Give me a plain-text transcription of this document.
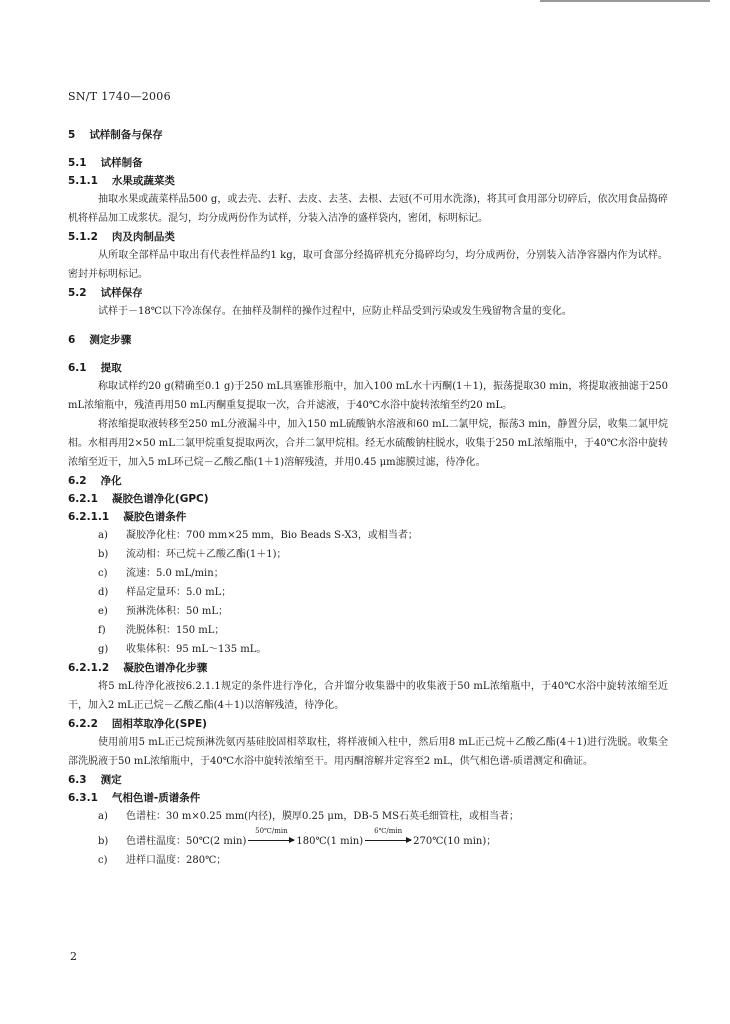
SN/T 1740—2006
5 试样制备与保存
5.1 试样制备
5.1.1 水果或蔬菜类

抽取水果或蔬菜样品500 g，或去壳、去籽、去皮、去茎、去根、去冠(不可用水洗涤)，将其可食用部分切碎后，依次用食品捣碎机将样品加工成浆状。混匀，均分成两份作为试样，分装入洁净的盛样袋内，密闭，标明标记。

5.1.2 肉及肉制品类

从所取全部样品中取出有代表性样品约1 kg，取可食部分经捣碎机充分捣碎均匀，均分成两份，分别装入洁净容器内作为试样。密封并标明标记。

5.2 试样保存

试样于－18℃以下冷冻保存。在抽样及制样的操作过程中，应防止样品受到污染或发生残留物含量的变化。

6 测定步骤
6.1 提取

称取试样约20 g(精确至0.1 g)于250 mL具塞锥形瓶中，加入100 mL水十丙酮(1＋1)，振荡提取30 min，将提取液抽滤于250 mL浓缩瓶中，残渣再用50 mL丙酮重复提取一次，合并滤液，于40℃水浴中旋转浓缩至约20 mL。

将浓缩提取液转移至250 mL分液漏斗中，加入150 mL硫酸钠水溶液和60 mL二氯甲烷，振荡3 min，静置分层，收集二氯甲烷相。水相再用2×50 mL二氯甲烷重复提取两次，合并二氯甲烷相。经无水硫酸钠柱脱水，收集于250 mL浓缩瓶中，于40℃水浴中旋转浓缩至近干，加入5 mL环己烷－乙酸乙酯(1＋1)溶解残渣，并用0.45 μm滤膜过滤，待净化。

6.2 净化
6.2.1 凝胶色谱净化(GPC)
6.2.1.1 凝胶色谱条件
a) 凝胶净化柱：700 mm×25 mm，Bio Beads S-X3，或相当者；
b) 流动相：环己烷＋乙酸乙酯(1＋1)；
c) 流速：5.0 mL/min；
d) 样品定量环：5.0 mL；
e) 预淋洗体积：50 mL；
f) 洗脱体积：150 mL；
g) 收集体积：95 mL～135 mL。
6.2.1.2 凝胶色谱净化步骤

将5 mL待净化液按6.2.1.1规定的条件进行净化，合并馏分收集器中的收集液于50 mL浓缩瓶中，于40℃水浴中旋转浓缩至近干，加入2 mL正己烷－乙酸乙酯(4＋1)以溶解残渣，待净化。

6.2.2 固相萃取净化(SPE)

使用前用5 mL正己烷预淋洗氨丙基硅胶固相萃取柱，将样液倾入柱中，然后用8 mL正己烷＋乙酸乙酯(4＋1)进行洗脱。收集全部洗脱液于50 mL浓缩瓶中，于40℃水浴中旋转浓缩至干。用丙酮溶解并定容至2 mL，供气相色谱-质谱测定和确证。

6.3 测定
6.3.1 气相色谱-质谱条件
a) 色谱柱：30 m×0.25 mm(内径)，膜厚0.25 μm，DB-5 MS石英毛细管柱，或相当者；
b) 色谱柱温度：50℃(2 min)
50℃/min
180℃(1 min)
6℃/min
270℃(10 min)；
c) 进样口温度：280℃；
2
